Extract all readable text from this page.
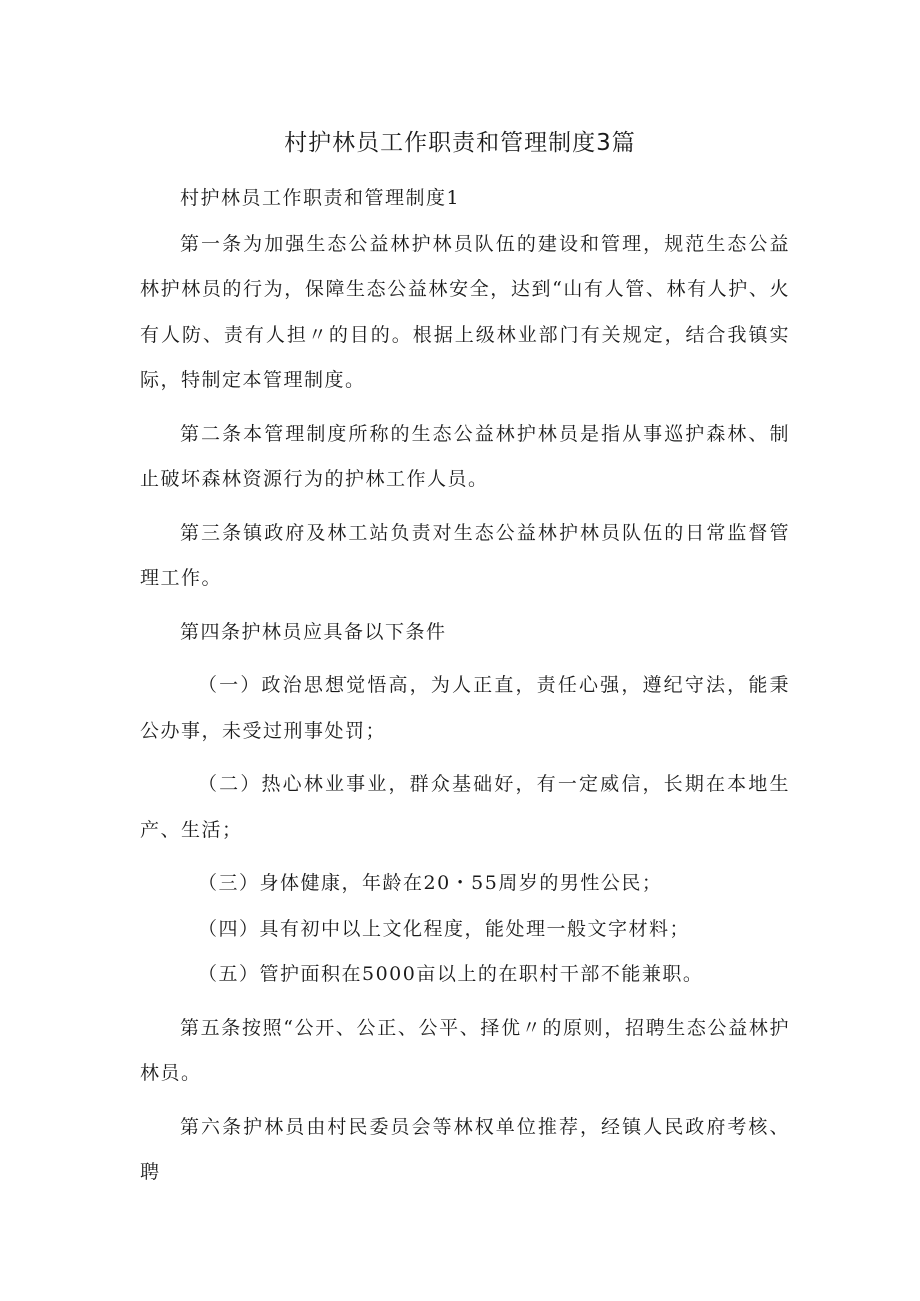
村护林员工作职责和管理制度3篇

村护林员工作职责和管理制度1

第一条为加强生态公益林护林员队伍的建设和管理，规范生态公益林护林员的行为，保障生态公益林安全，达到“山有人管、林有人护、火有人防、责有人担〃的目的。根据上级林业部门有关规定，结合我镇实际，特制定本管理制度。

第二条本管理制度所称的生态公益林护林员是指从事巡护森林、制止破坏森林资源行为的护林工作人员。

第三条镇政府及林工站负责对生态公益林护林员队伍的日常监督管理工作。

第四条护林员应具备以下条件

（一）政治思想觉悟高，为人正直，责任心强，遵纪守法，能秉公办事，未受过刑事处罚；

（二）热心林业事业，群众基础好，有一定威信，长期在本地生产、生活；

（三）身体健康，年龄在20・55周岁的男性公民；

（四）具有初中以上文化程度，能处理一般文字材料；

（五）管护面积在5000亩以上的在职村干部不能兼职。

第五条按照“公开、公正、公平、择优〃的原则，招聘生态公益林护林员。

第六条护林员由村民委员会等林权单位推荐，经镇人民政府考核、聘
